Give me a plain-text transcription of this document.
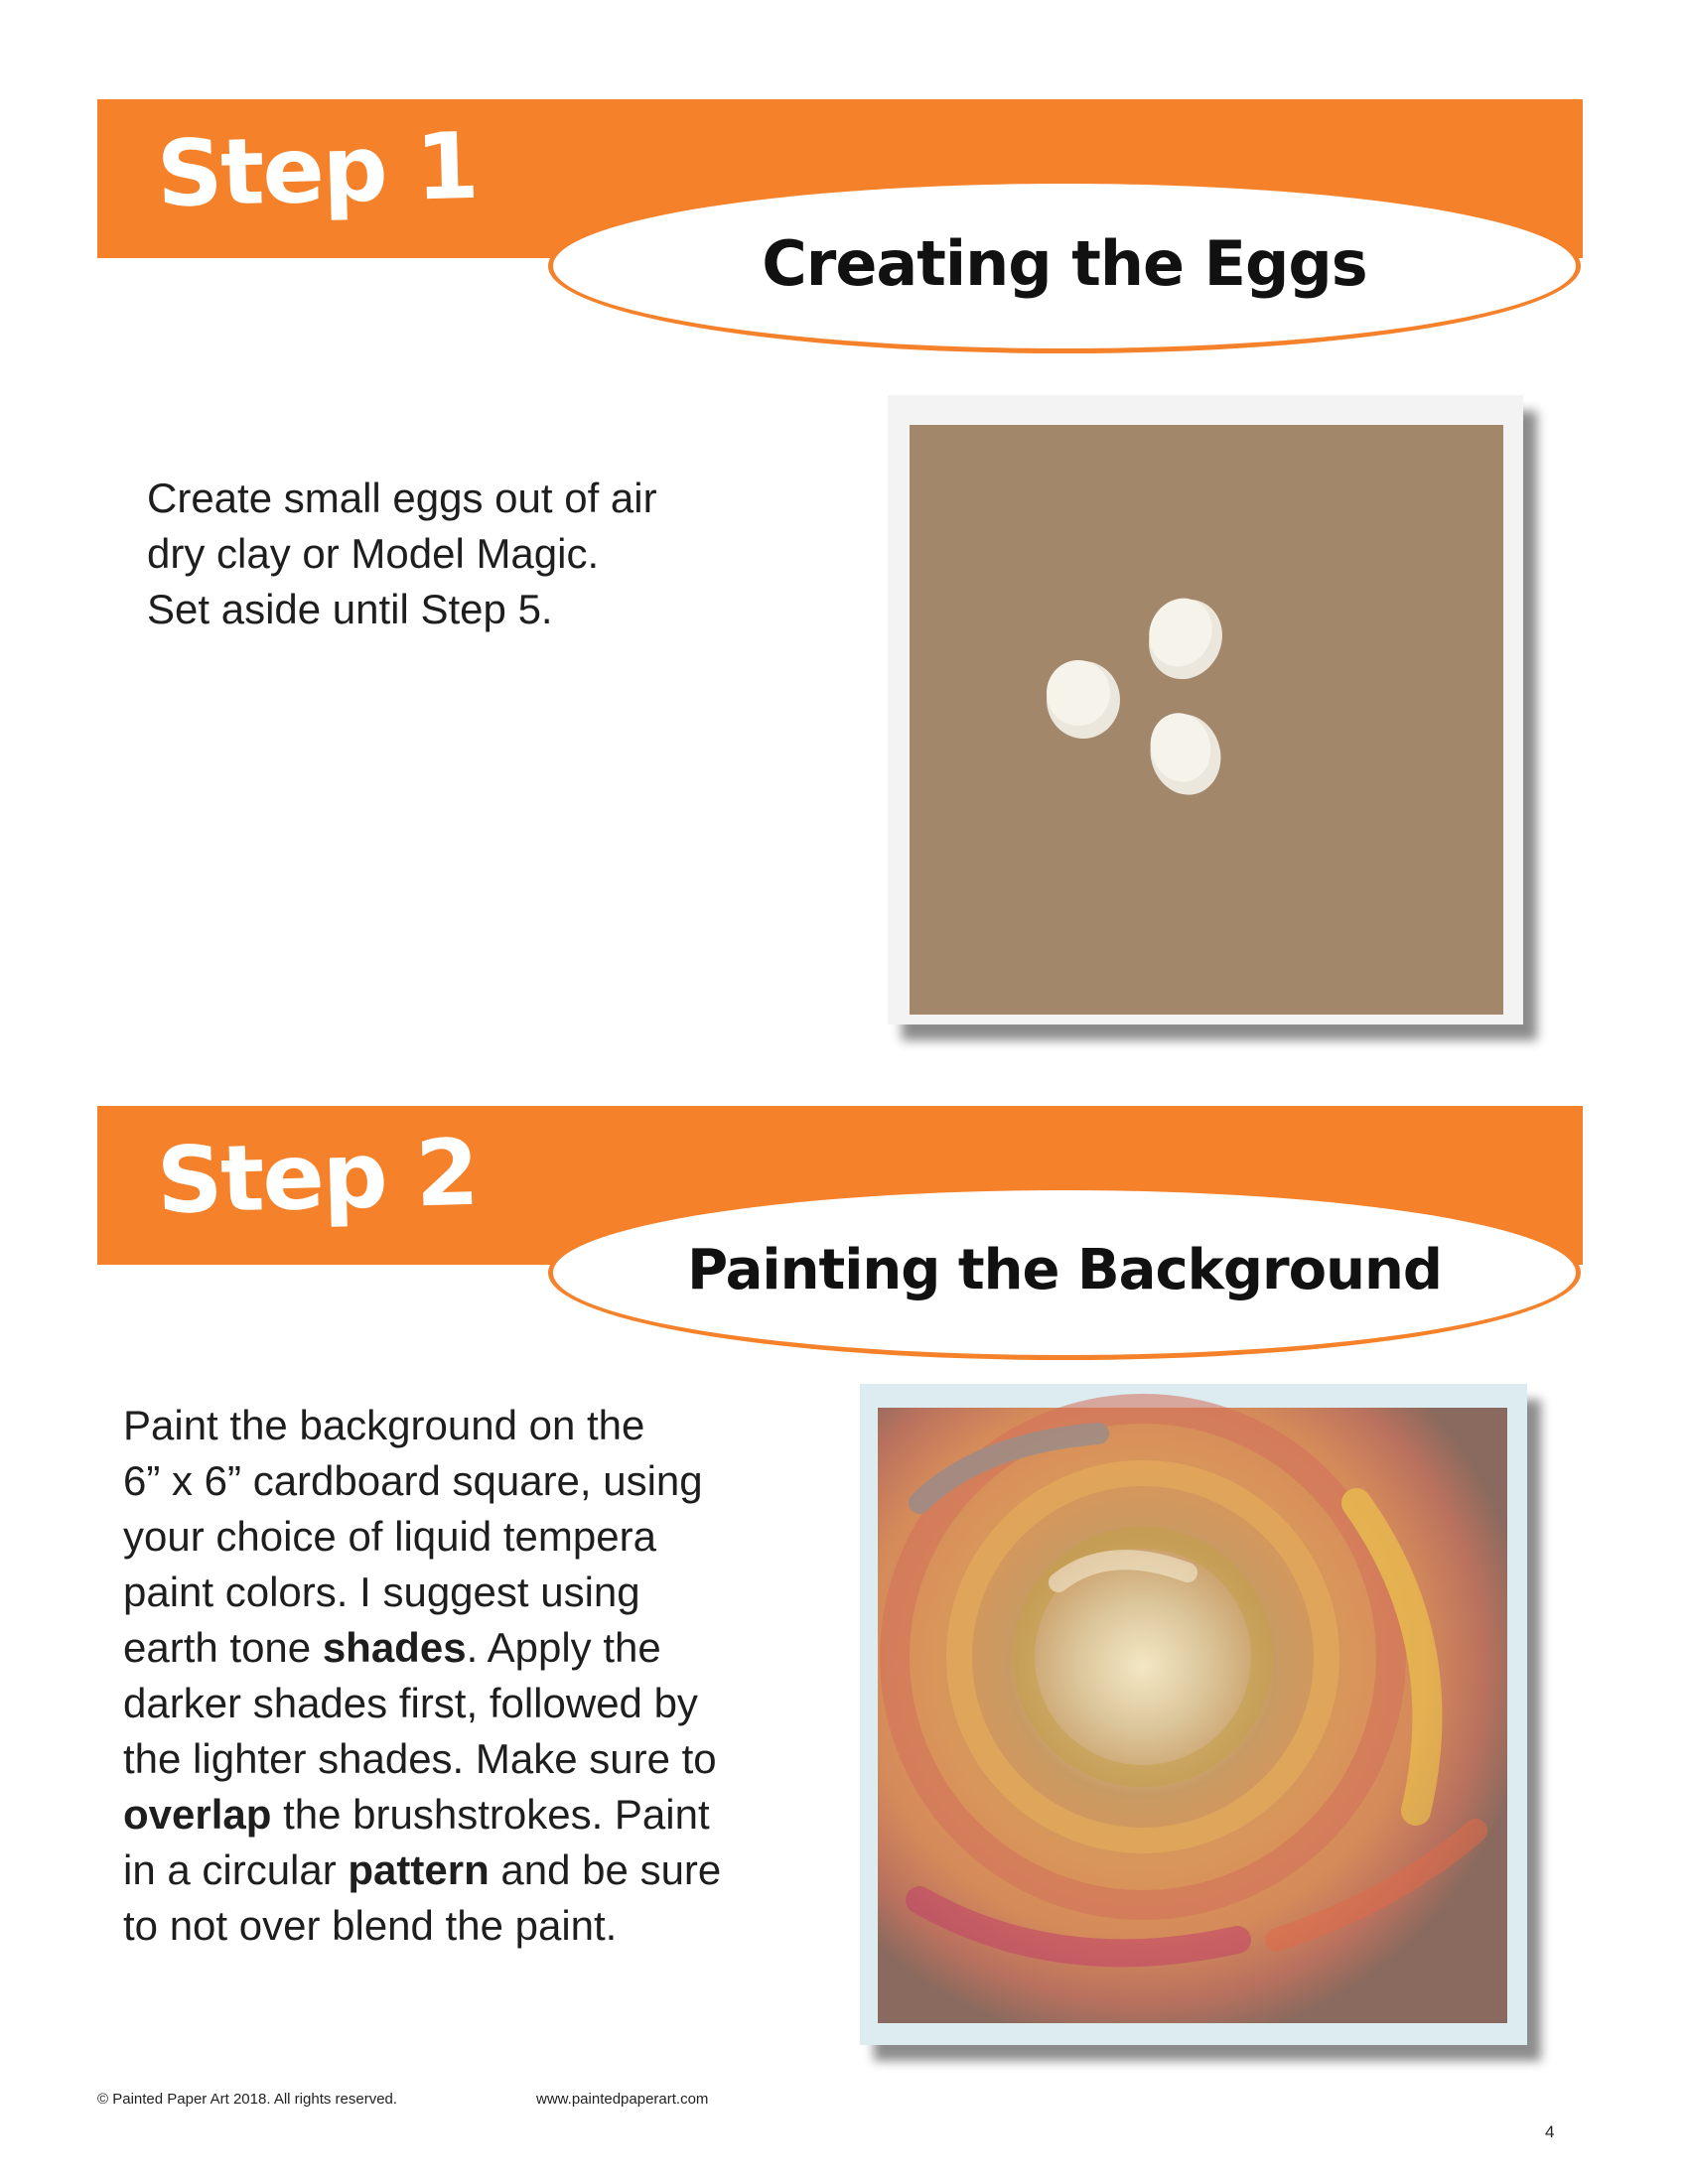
Step 1
Creating the Eggs
Create small eggs out of air
dry clay or Model Magic.
Set aside until Step 5.
Step 2
Painting the Background
Paint the background on the
6” x 6” cardboard square, using
your choice of liquid tempera
paint colors. I suggest using
earth tone shades. Apply the
darker shades first, followed by
the lighter shades. Make sure to
overlap the brushstrokes. Paint
in a circular pattern and be sure
to not over blend the paint.
© Painted Paper Art 2018. All rights reserved.	www.paintedpaperart.com
4
